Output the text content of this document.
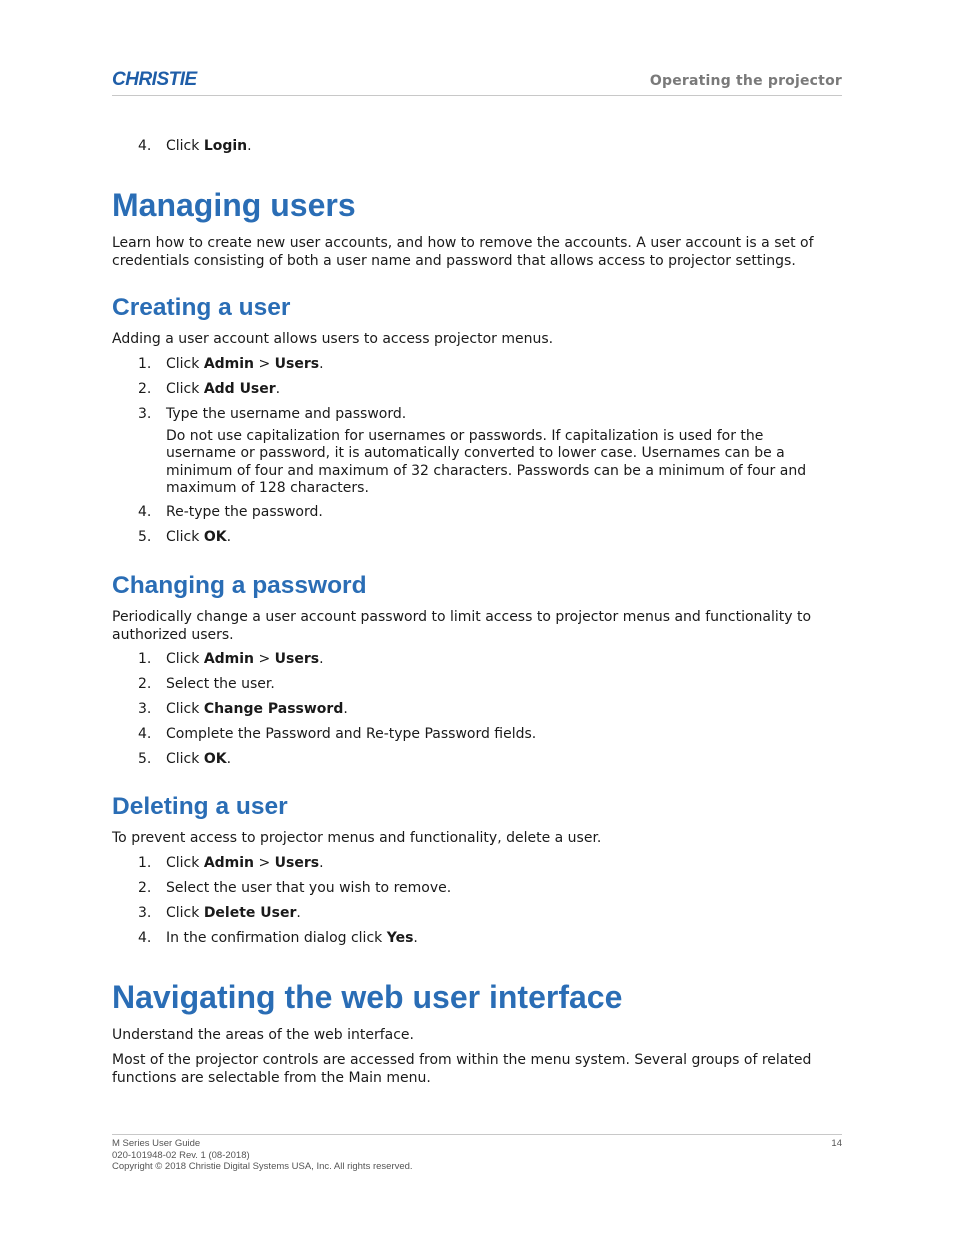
CHRISTIE	Operating the projector
4. Click Login.
Managing users
Learn how to create new user accounts, and how to remove the accounts. A user account is a set of credentials consisting of both a user name and password that allows access to projector settings.
Creating a user
Adding a user account allows users to access projector menus.
1. Click Admin > Users.
2. Click Add User.
3. Type the username and password.
Do not use capitalization for usernames or passwords. If capitalization is used for the username or password, it is automatically converted to lower case. Usernames can be a minimum of four and maximum of 32 characters. Passwords can be a minimum of four and maximum of 128 characters.
4. Re-type the password.
5. Click OK.
Changing a password
Periodically change a user account password to limit access to projector menus and functionality to authorized users.
1. Click Admin > Users.
2. Select the user.
3. Click Change Password.
4. Complete the Password and Re-type Password fields.
5. Click OK.
Deleting a user
To prevent access to projector menus and functionality, delete a user.
1. Click Admin > Users.
2. Select the user that you wish to remove.
3. Click Delete User.
4. In the confirmation dialog click Yes.
Navigating the web user interface
Understand the areas of the web interface.
Most of the projector controls are accessed from within the menu system. Several groups of related functions are selectable from the Main menu.
M Series User Guide
020-101948-02 Rev. 1 (08-2018)
Copyright © 2018 Christie Digital Systems USA, Inc. All rights reserved.
14
